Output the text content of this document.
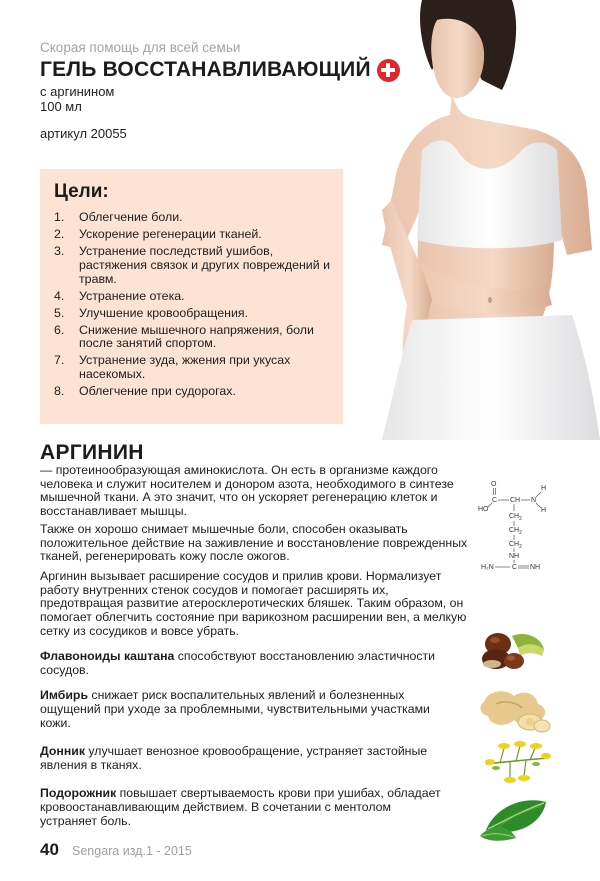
Скорая помощь для всей семьи
ГЕЛЬ ВОССТАНАВЛИВАЮЩИЙ
с аргинином
100 мл
артикул 20055
Цели:
1.	Облегчение боли.
2.	Ускорение регенерации тканей.
3.	Устранение последствий ушибов, растяжения связок и других повреждений и травм.
4.	Устранение отека.
5.	Улучшение кровообращения.
6.	Снижение мышечного напряжения, боли после занятий спортом.
7.	Устранение зуда, жжения при укусах насекомых.
8.	Облегчение при судорогах.
АРГИНИН

— протеинообразующая аминокислота. Он есть в организме каждого человека и служит носителем и донором азота, необходимого в синтезе мышечной ткани. А это значит, что он ускоряет регенерацию клеток и восстанавливает мышцы.

Также он хорошо снимает мышечные боли, способен оказывать положительное действие на заживление и восстановление поврежденных тканей, регенерировать кожу после ожогов.

Аргинин вызывает расширение сосудов и прилив крови. Нормализует работу внутренних стенок сосудов и помогает расширять их, предотвращая развитие атеросклеротических бляшек. Таким образом, он помогает облегчить состояние при варикозном расширении вен, а мелкую сетку из сосудиков и вовсе убрать.

O
C
HO
CH N
H
H
$CH_2$
$CH_2$
$CH_2$
NH
C
H₂N	NH

Флавоноиды каштана способствуют восстановлению эластичности сосудов.

Имбирь снижает риск воспалительных явлений и болезненных ощущений при уходе за проблемными, чувствительными участками кожи.

Донник улучшает венозное кровообращение, устраняет застойные явления в тканях.

Подорожник повышает свертываемость крови при ушибах, обладает кровоостанавливающим действием. В сочетании с ментолом устраняет боль.

40 Sengara изд.1 - 2015
